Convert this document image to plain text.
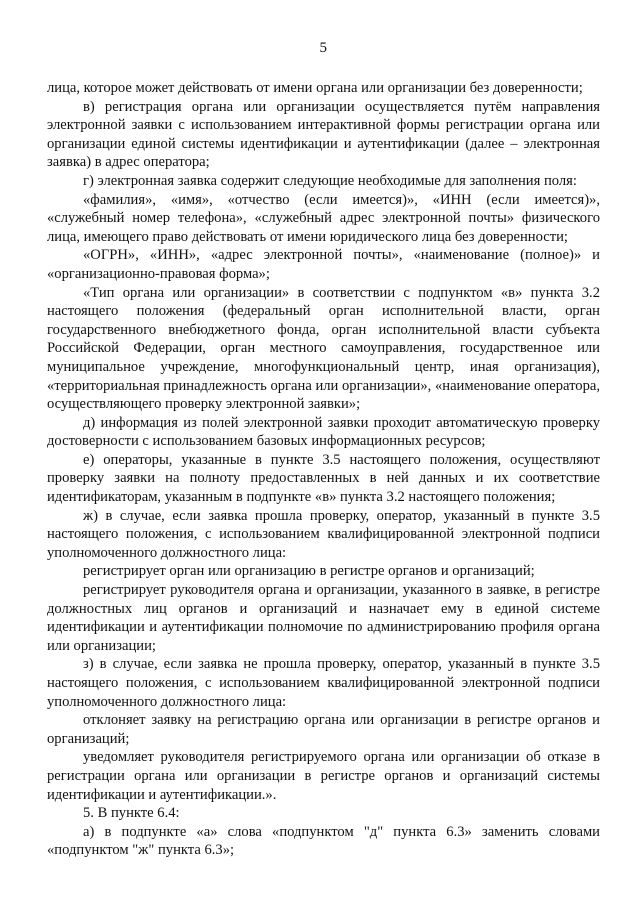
5

лица, которое может действовать от имени органа или организации без доверенности;

в) регистрация органа или организации осуществляется путём направления электронной заявки с использованием интерактивной формы регистрации органа или организации единой системы идентификации и аутентификации (далее – электронная заявка) в адрес оператора;

г) электронная заявка содержит следующие необходимые для заполнения поля:

«фамилия», «имя», «отчество (если имеется)», «ИНН (если имеется)», «служебный номер телефона», «служебный адрес электронной почты» физического лица, имеющего право действовать от имени юридического лица без доверенности;

«ОГРН», «ИНН», «адрес электронной почты», «наименование (полное)» и «организационно-правовая форма»;

«Тип органа или организации» в соответствии с подпунктом «в» пункта 3.2 настоящего положения (федеральный орган исполнительной власти, орган государственного внебюджетного фонда, орган исполнительной власти субъекта Российской Федерации, орган местного самоуправления, государственное или муниципальное учреждение, многофункциональный центр, иная организация), «территориальная принадлежность органа или организации», «наименование оператора, осуществляющего проверку электронной заявки»;

д) информация из полей электронной заявки проходит автоматическую проверку достоверности с использованием базовых информационных ресурсов;

е) операторы, указанные в пункте 3.5 настоящего положения, осуществляют проверку заявки на полноту предоставленных в ней данных и их соответствие идентификаторам, указанным в подпункте «в» пункта 3.2 настоящего положения;

ж) в случае, если заявка прошла проверку, оператор, указанный в пункте 3.5 настоящего положения, с использованием квалифицированной электронной подписи уполномоченного должностного лица:

регистрирует орган или организацию в регистре органов и организаций;

регистрирует руководителя органа и организации, указанного в заявке, в регистре должностных лиц органов и организаций и назначает ему в единой системе идентификации и аутентификации полномочие по администрированию профиля органа или организации;

з) в случае, если заявка не прошла проверку, оператор, указанный в пункте 3.5 настоящего положения, с использованием квалифицированной электронной подписи уполномоченного должностного лица:

отклоняет заявку на регистрацию органа или организации в регистре органов и организаций;

уведомляет руководителя регистрируемого органа или организации об отказе в регистрации органа или организации в регистре органов и организаций системы идентификации и аутентификации.».

5. В пункте 6.4:

а) в подпункте «а» слова «подпунктом "д" пункта 6.3» заменить словами «подпунктом "ж" пункта 6.3»;
